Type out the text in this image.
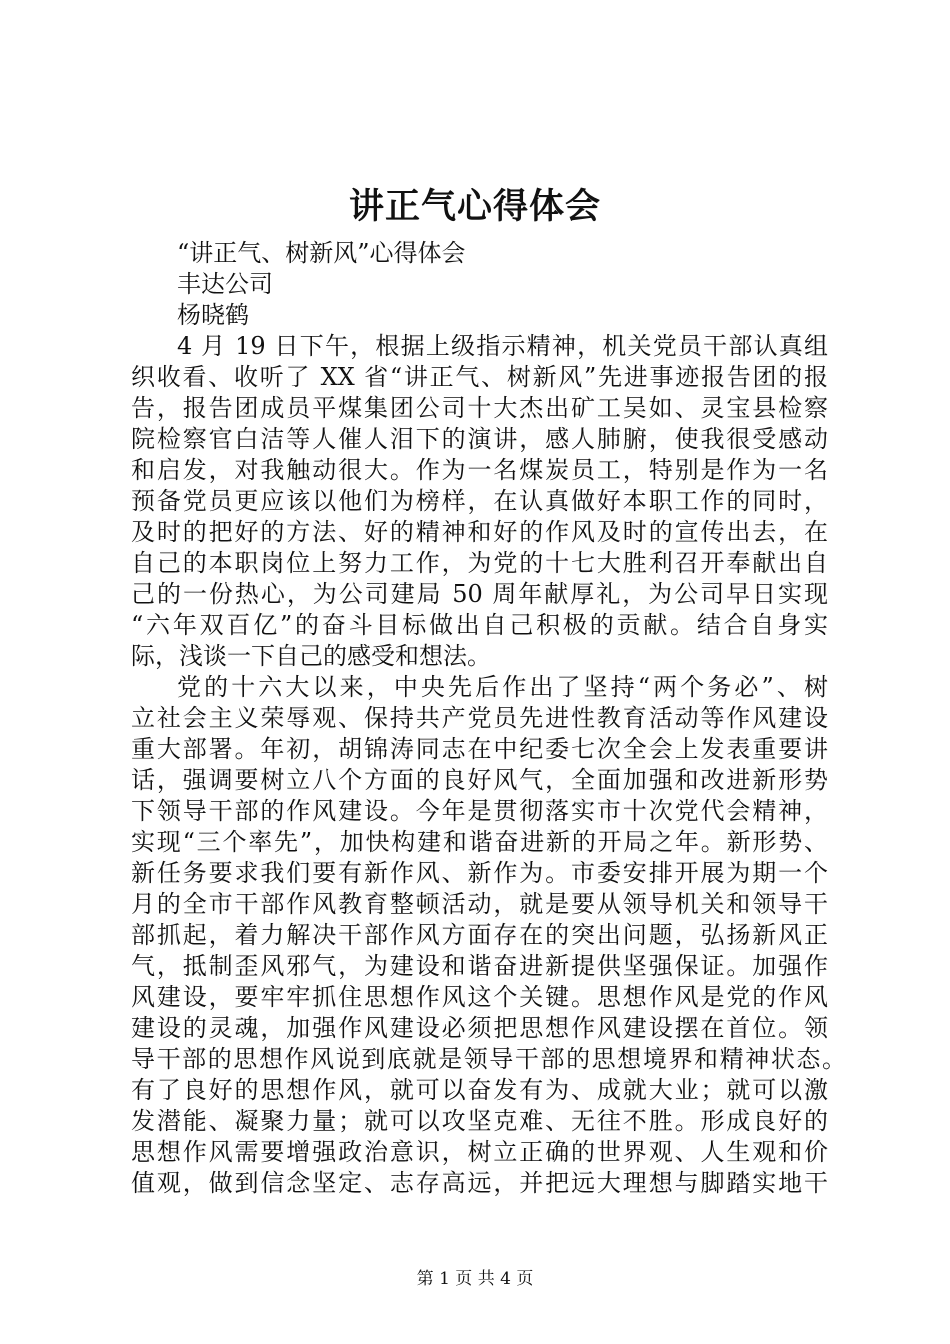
讲正气心得体会
“讲正气、树新风”心得体会
丰达公司
杨晓鹤
4 月 19 日下午，根据上级指示精神，机关党员干部认真组
织收看、收听了 XX 省“讲正气、树新风”先进事迹报告团的报
告，报告团成员平煤集团公司十大杰出矿工吴如、灵宝县检察
院检察官白洁等人催人泪下的演讲，感人肺腑，使我很受感动
和启发，对我触动很大。作为一名煤炭员工，特别是作为一名
预备党员更应该以他们为榜样，在认真做好本职工作的同时，
及时的把好的方法、好的精神和好的作风及时的宣传出去，在
自己的本职岗位上努力工作，为党的十七大胜利召开奉献出自
己的一份热心，为公司建局 50 周年献厚礼，为公司早日实现
“六年双百亿”的奋斗目标做出自己积极的贡献。结合自身实
际，浅谈一下自己的感受和想法。
党的十六大以来，中央先后作出了坚持“两个务必”、树
立社会主义荣辱观、保持共产党员先进性教育活动等作风建设
重大部署。年初，胡锦涛同志在中纪委七次全会上发表重要讲
话，强调要树立八个方面的良好风气，全面加强和改进新形势
下领导干部的作风建设。今年是贯彻落实市十次党代会精神，
实现“三个率先”，加快构建和谐奋进新的开局之年。新形势、
新任务要求我们要有新作风、新作为。市委安排开展为期一个
月的全市干部作风教育整顿活动，就是要从领导机关和领导干
部抓起，着力解决干部作风方面存在的突出问题，弘扬新风正
气，抵制歪风邪气，为建设和谐奋进新提供坚强保证。加强作
风建设，要牢牢抓住思想作风这个关键。思想作风是党的作风
建设的灵魂，加强作风建设必须把思想作风建设摆在首位。领
导干部的思想作风说到底就是领导干部的思想境界和精神状态。
有了良好的思想作风，就可以奋发有为、成就大业；就可以激
发潜能、凝聚力量；就可以攻坚克难、无往不胜。形成良好的
思想作风需要增强政治意识，树立正确的世界观、人生观和价
值观，做到信念坚定、志存高远，并把远大理想与脚踏实地干
第 1 页 共 4 页
